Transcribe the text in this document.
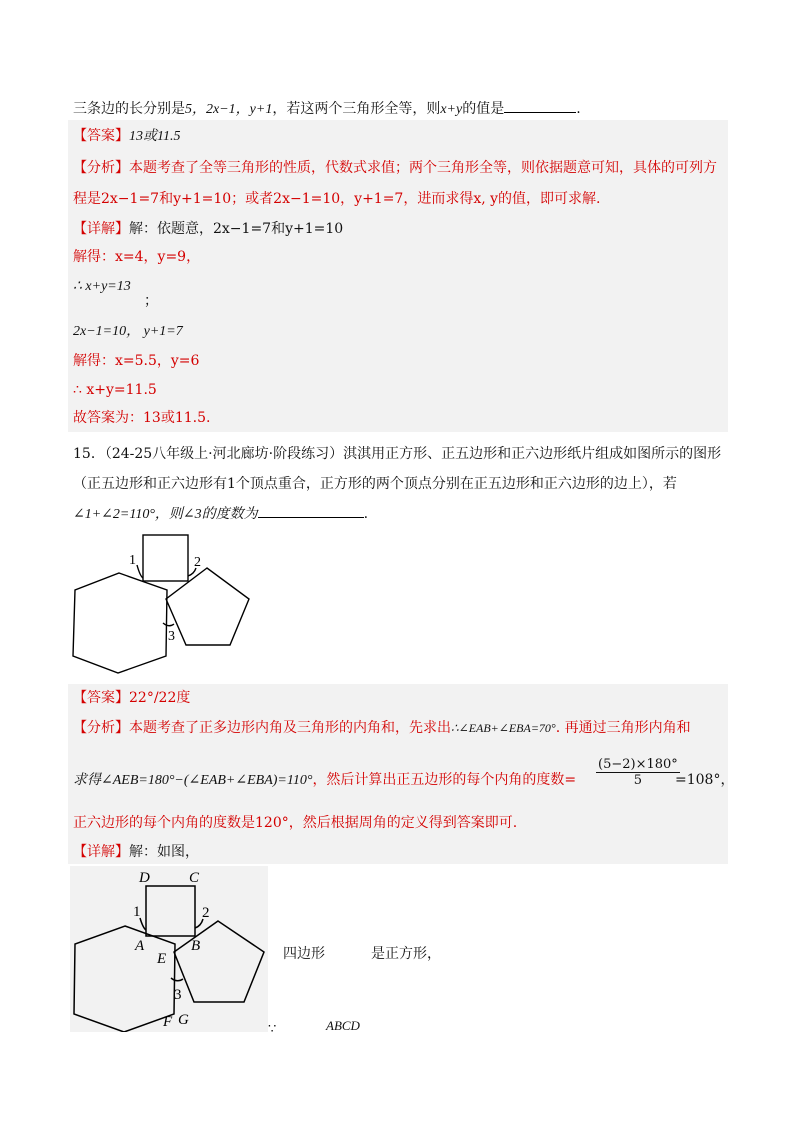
三条边的长分别是5，2x−1，y+1，若这两个三角形全等，则x+y的值是	.
【答案】13或11.5
【分析】本题考查了全等三角形的性质，代数式求值；两个三角形全等，则依据题意可知，具体的可列方
程是2x−1=7和y+1=10；或者2x−1=10，y+1=7，进而求得x, y的值，即可求解.
【详解】解：依题意，2x−1=7和y+1=10
解得：x=4，y=9，
∴ x+y=13
；
2x−1=10， y+1=7
解得：x=5.5，y=6
∴ x+y=11.5
故答案为：13或11.5.
15．（24-25八年级上·河北廊坊·阶段练习）淇淇用正方形、正五边形和正六边形纸片组成如图所示的图形
（正五边形和正六边形有1个顶点重合，正方形的两个顶点分别在正五边形和正六边形的边上），若
∠1+∠2=110°，则∠3的度数为	.
1	2
3
【答案】22°/22度
【分析】本题考查了正多边形内角及三角形的内角和，先求出∴∠EAB+∠EBA=70°. 再通过三角形内角和
求得∠AEB=180°−(∠EAB+∠EBA)=110°，然后计算出正五边形的每个内角的度数= $\frac{(5-2)\times 180^\circ}{5}$
=108°，
正六边形的每个内角的度数是120°，然后根据周角的定义得到答案即可.
【详解】解：如图，
D	C
A	B
E
F G
1	2
3
四边形	是正方形，
∵	ABCD
